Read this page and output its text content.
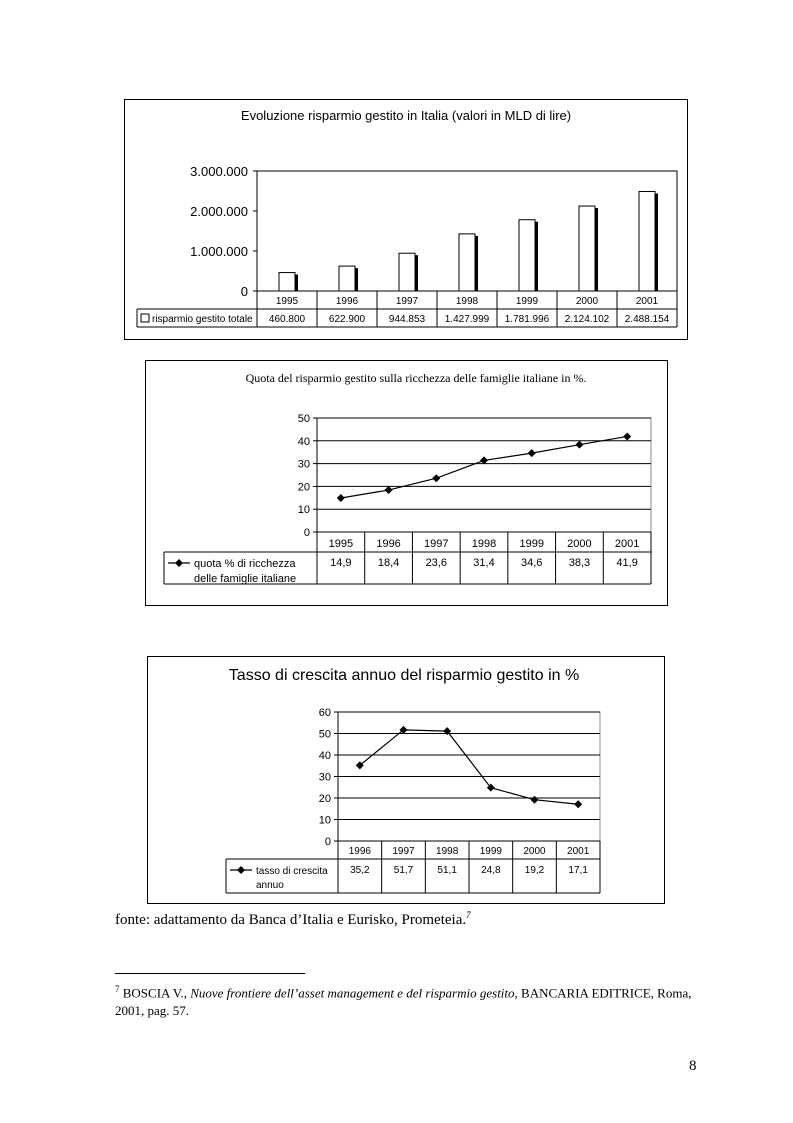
Evoluzione risparmio gestito in Italia (valori in MLD di lire)
0
1.000.000
2.000.000
3.000.000
1995
460.800
1996
622.900
1997
944.853
1998
1.427.999
1999
1.781.996
2000
2.124.102
2001
2.488.154
risparmio gestito totale
Quota del risparmio gestito sulla ricchezza delle famiglie italiane in %.
0
10
20
30
40
50
1995
14,9
1996
18,4
1997
23,6
1998
31,4
1999
34,6
2000
38,3
2001
41,9
quota % di ricchezza
delle famiglie italiane
Tasso di crescita annuo del risparmio gestito in %
0
10
20
30
40
50
60
1996
35,2
1997
51,7
1998
51,1
1999
24,8
2000
19,2
2001
17,1
tasso di crescita
annuo
fonte: adattamento da Banca d’Italia e Eurisko, Prometeia.$^7$
$^7$ BOSCIA V., Nuove frontiere dell’asset management e del risparmio gestito, BANCARIA EDITRICE, Roma, 2001, pag. 57.
8
